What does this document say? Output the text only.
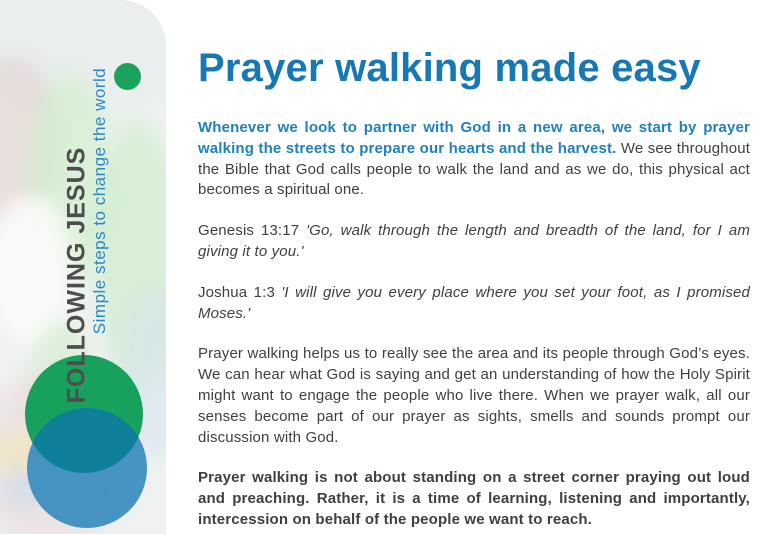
FOLLOWING JESUS Simple steps to change the world Prayer walking made easy

Whenever we look to partner with God in a new area, we start by prayer walking the streets to prepare our hearts and the harvest. We see throughout the Bible that God calls people to walk the land and as we do, this physical act becomes a spiritual one.

Genesis 13:17 'Go, walk through the length and breadth of the land, for I am giving it to you.'

Joshua 1:3 'I will give you every place where you set your foot, as I promised Moses.'

Prayer walking helps us to really see the area and its people through God’s eyes. We can hear what God is saying and get an understanding of how the Holy Spirit might want to engage the people who live there. When we prayer walk, all our senses become part of our prayer as sights, smells and sounds prompt our discussion with God.

Prayer walking is not about standing on a street corner praying out loud and preaching. Rather, it is a time of learning, listening and importantly, intercession on behalf of the people we want to reach.
